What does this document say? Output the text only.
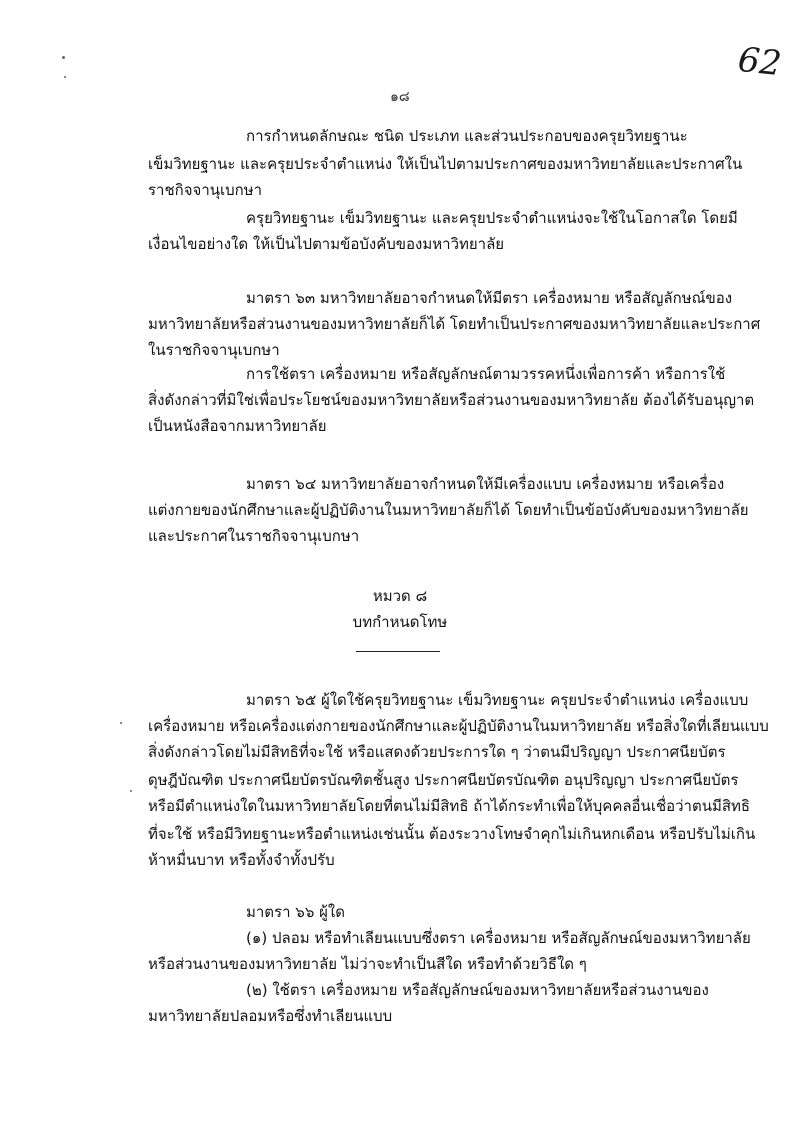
62
๑๘
การกำหนดลักษณะ ชนิด ประเภท และส่วนประกอบของครุยวิทยฐานะ
เข็มวิทยฐานะ และครุยประจำตำแหน่ง ให้เป็นไปตามประกาศของมหาวิทยาลัยและประกาศใน
ราชกิจจานุเบกษา
ครุยวิทยฐานะ เข็มวิทยฐานะ และครุยประจำตำแหน่งจะใช้ในโอกาสใด โดยมี
เงื่อนไขอย่างใด ให้เป็นไปตามข้อบังคับของมหาวิทยาลัย
มาตรา ๖๓ มหาวิทยาลัยอาจกำหนดให้มีตรา เครื่องหมาย หรือสัญลักษณ์ของ
มหาวิทยาลัยหรือส่วนงานของมหาวิทยาลัยก็ได้ โดยทำเป็นประกาศของมหาวิทยาลัยและประกาศ
ในราชกิจจานุเบกษา
การใช้ตรา เครื่องหมาย หรือสัญลักษณ์ตามวรรคหนึ่งเพื่อการค้า หรือการใช้
สิ่งดังกล่าวที่มิใช่เพื่อประโยชน์ของมหาวิทยาลัยหรือส่วนงานของมหาวิทยาลัย ต้องได้รับอนุญาต
เป็นหนังสือจากมหาวิทยาลัย
มาตรา ๖๔ มหาวิทยาลัยอาจกำหนดให้มีเครื่องแบบ เครื่องหมาย หรือเครื่อง
แต่งกายของนักศึกษาและผู้ปฏิบัติงานในมหาวิทยาลัยก็ได้ โดยทำเป็นข้อบังคับของมหาวิทยาลัย
และประกาศในราชกิจจานุเบกษา
หมวด ๘
บทกำหนดโทษ
มาตรา ๖๕ ผู้ใดใช้ครุยวิทยฐานะ เข็มวิทยฐานะ ครุยประจำตำแหน่ง เครื่องแบบ
เครื่องหมาย หรือเครื่องแต่งกายของนักศึกษาและผู้ปฏิบัติงานในมหาวิทยาลัย หรือสิ่งใดที่เลียนแบบ
สิ่งดังกล่าวโดยไม่มีสิทธิที่จะใช้ หรือแสดงด้วยประการใด ๆ ว่าตนมีปริญญา ประกาศนียบัตร
ดุษฎีบัณฑิต ประกาศนียบัตรบัณฑิตชั้นสูง ประกาศนียบัตรบัณฑิต อนุปริญญา ประกาศนียบัตร
หรือมีตำแหน่งใดในมหาวิทยาลัยโดยที่ตนไม่มีสิทธิ ถ้าได้กระทำเพื่อให้บุคคลอื่นเชื่อว่าตนมีสิทธิ
ที่จะใช้ หรือมีวิทยฐานะหรือตำแหน่งเช่นนั้น ต้องระวางโทษจำคุกไม่เกินหกเดือน หรือปรับไม่เกิน
ห้าหมื่นบาท หรือทั้งจำทั้งปรับ
มาตรา ๖๖ ผู้ใด
(๑) ปลอม หรือทำเลียนแบบซึ่งตรา เครื่องหมาย หรือสัญลักษณ์ของมหาวิทยาลัย
หรือส่วนงานของมหาวิทยาลัย ไม่ว่าจะทำเป็นสีใด หรือทำด้วยวิธีใด ๆ
(๒) ใช้ตรา เครื่องหมาย หรือสัญลักษณ์ของมหาวิทยาลัยหรือส่วนงานของ
มหาวิทยาลัยปลอมหรือซึ่งทำเลียนแบบ
